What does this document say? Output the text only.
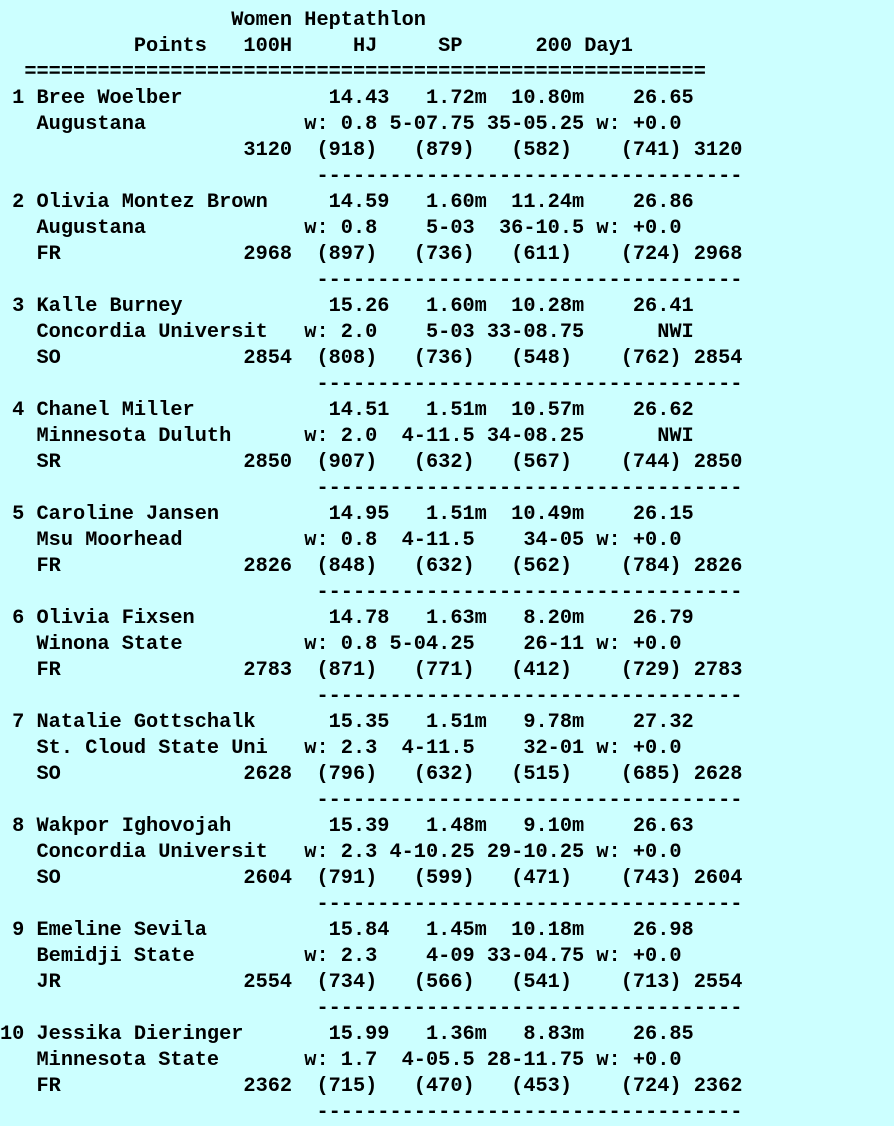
Women Heptathlon
Points   100H     HJ     SP      200 Day1
========================================================
1 Bree Woelber            14.43   1.72m  10.80m    26.65
Augustana             w: 0.8 5-07.75 35-05.25 w: +0.0
3120  (918)   (879)   (582)    (741) 3120
-----------------------------------
2 Olivia Montez Brown     14.59   1.60m  11.24m    26.86
Augustana             w: 0.8    5-03  36-10.5 w: +0.0
FR               2968  (897)   (736)   (611)    (724) 2968
-----------------------------------
3 Kalle Burney            15.26   1.60m  10.28m    26.41
Concordia Universit   w: 2.0    5-03 33-08.75      NWI
SO               2854  (808)   (736)   (548)    (762) 2854
-----------------------------------
4 Chanel Miller           14.51   1.51m  10.57m    26.62
Minnesota Duluth      w: 2.0  4-11.5 34-08.25      NWI
SR               2850  (907)   (632)   (567)    (744) 2850
-----------------------------------
5 Caroline Jansen         14.95   1.51m  10.49m    26.15
Msu Moorhead          w: 0.8  4-11.5    34-05 w: +0.0
FR               2826  (848)   (632)   (562)    (784) 2826
-----------------------------------
6 Olivia Fixsen           14.78   1.63m   8.20m    26.79
Winona State          w: 0.8 5-04.25    26-11 w: +0.0
FR               2783  (871)   (771)   (412)    (729) 2783
-----------------------------------
7 Natalie Gottschalk      15.35   1.51m   9.78m    27.32
St. Cloud State Uni   w: 2.3  4-11.5    32-01 w: +0.0
SO               2628  (796)   (632)   (515)    (685) 2628
-----------------------------------
8 Wakpor Ighovojah        15.39   1.48m   9.10m    26.63
Concordia Universit   w: 2.3 4-10.25 29-10.25 w: +0.0
SO               2604  (791)   (599)   (471)    (743) 2604
-----------------------------------
9 Emeline Sevila          15.84   1.45m  10.18m    26.98
Bemidji State         w: 2.3    4-09 33-04.75 w: +0.0
JR               2554  (734)   (566)   (541)    (713) 2554
-----------------------------------
10 Jessika Dieringer       15.99   1.36m   8.83m    26.85
Minnesota State       w: 1.7  4-05.5 28-11.75 w: +0.0
FR               2362  (715)   (470)   (453)    (724) 2362
-----------------------------------
